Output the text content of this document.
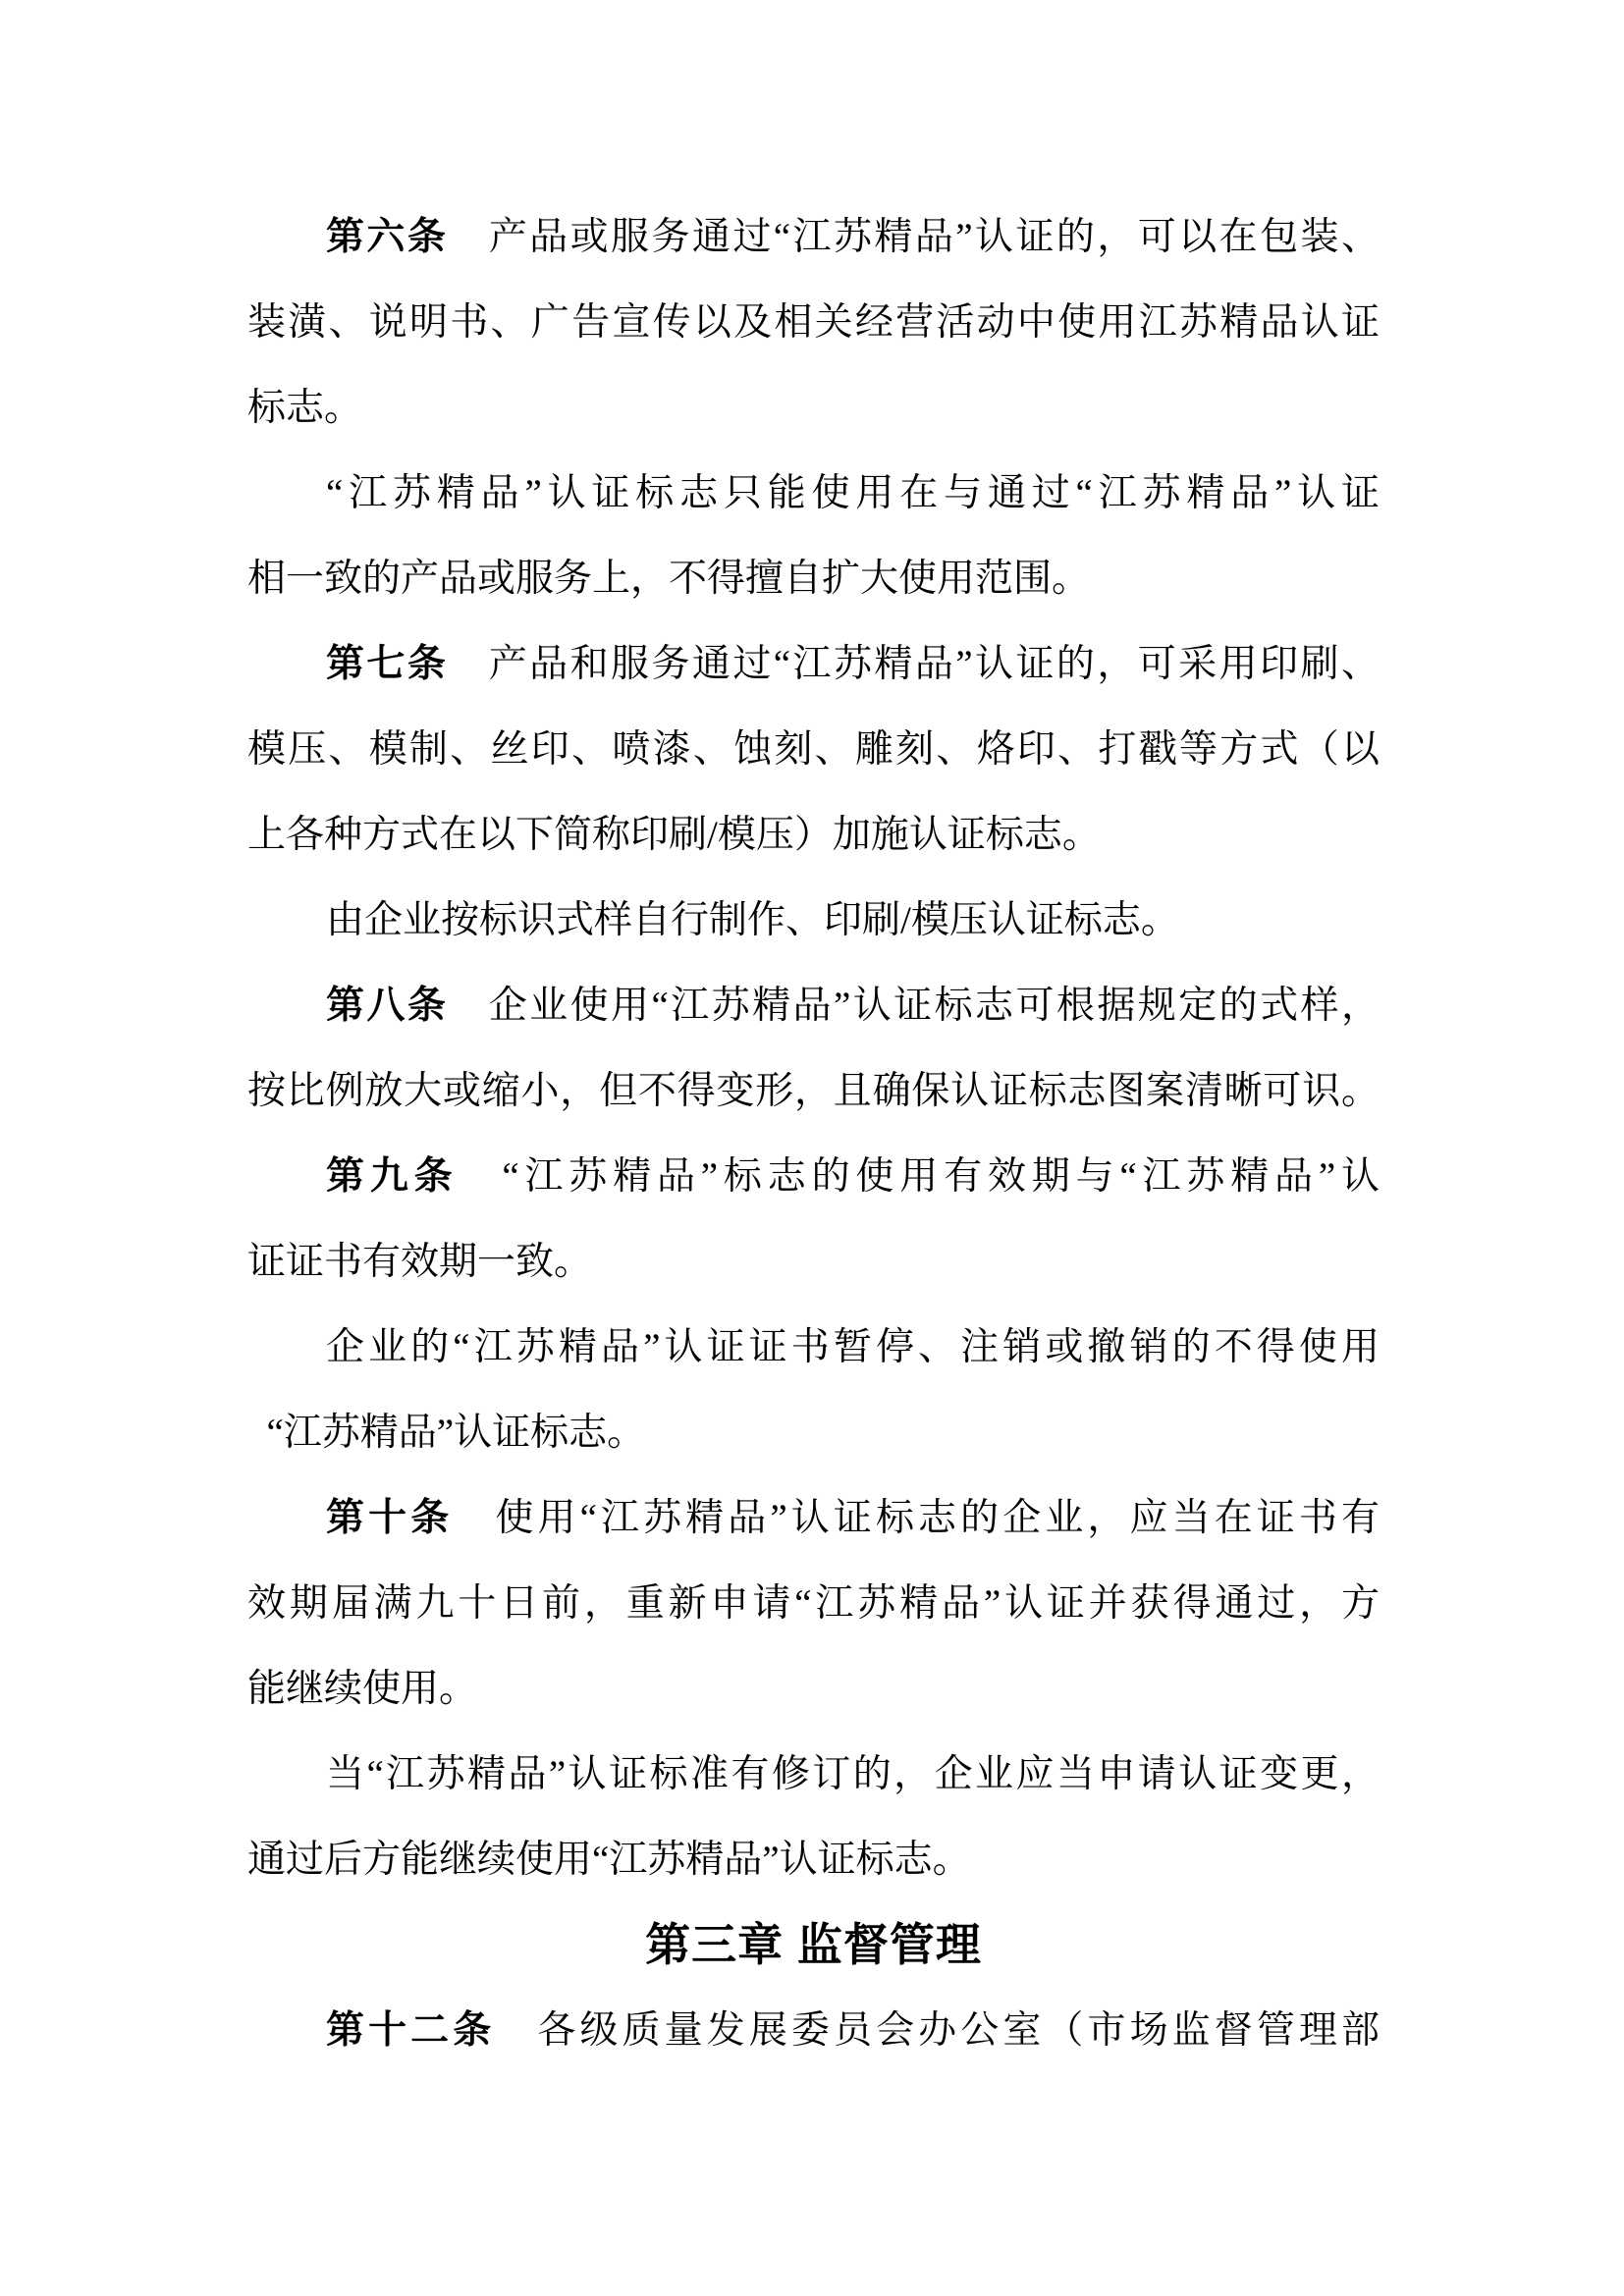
第六条　产品或服务通过“江苏精品”认证的，可以在包装、
装潢、说明书、广告宣传以及相关经营活动中使用江苏精品认证
标志。
“江苏精品”认证标志只能使用在与通过“江苏精品”认证
相一致的产品或服务上，不得擅自扩大使用范围。
第七条　产品和服务通过“江苏精品”认证的，可采用印刷、
模压、模制、丝印、喷漆、蚀刻、雕刻、烙印、打戳等方式（以
上各种方式在以下简称印刷/模压）加施认证标志。
由企业按标识式样自行制作、印刷/模压认证标志。
第八条　企业使用“江苏精品”认证标志可根据规定的式样，
按比例放大或缩小，但不得变形，且确保认证标志图案清晰可识。
第九条　“江苏精品”标志的使用有效期与“江苏精品”认
证证书有效期一致。
企业的“江苏精品”认证证书暂停、注销或撤销的不得使用
 “江苏精品”认证标志。
第十条　使用“江苏精品”认证标志的企业，应当在证书有
效期届满九十日前，重新申请“江苏精品”认证并获得通过，方
能继续使用。
当“江苏精品”认证标准有修订的，企业应当申请认证变更，
通过后方能继续使用“江苏精品”认证标志。
第三章 监督管理
第十二条　各级质量发展委员会办公室（市场监督管理部
